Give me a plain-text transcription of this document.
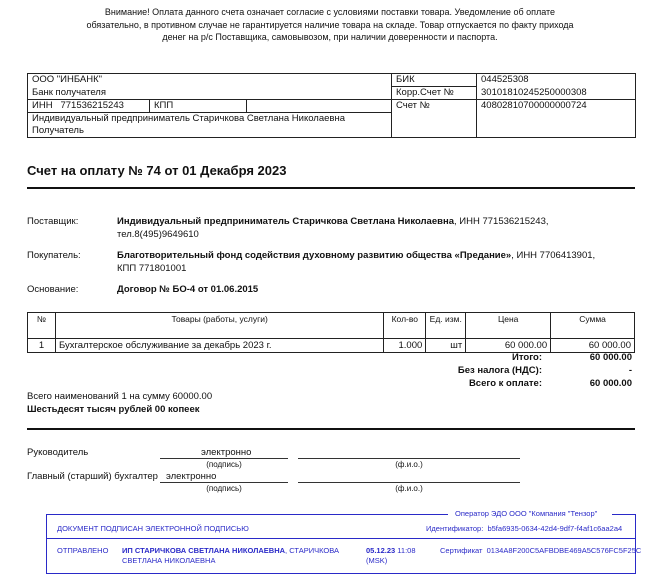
Внимание! Оплата данного счета означает согласие с условиями поставки товара. Уведомление об оплате
обязательно, в противном случае не гарантируется наличие товара на складе. Товар отпускается по факту прихода
денег на р/с Поставщика, самовывозом, при наличии доверенности и паспорта.
ООО "ИНБАНК"			БИК	044525308
Банк получателя			Корр.Счет №	30101810245250000308
ИНН 771536215243	КПП		Счет №	40802810700000000724
Индивидуальный предприниматель Старичкова Светлана Николаевна				
Получатель				
Счет на оплату № 74 от 01 Декабря 2023
Поставщик:	Индивидуальный предприниматель Старичкова Светлана Николаевна, ИНН 771536215243,
тел.8(495)9649610
Покупатель:	Благотворительный фонд содействия духовному развитию общества «Предание», ИНН 7706413901,
КПП 771801001
Основание:	Договор № БО-4 от 01.06.2015
№	Товары (работы, услуги)	Кол-во	Ед. изм.	Цена	Сумма
1	Бухгалтерское обслуживание за декабрь 2023 г.	1.000	шт	60 000.00	60 000.00
Итого:	60 000.00
Без налога (НДС):	-
Всего к оплате:	60 000.00
Всего наименований 1 на сумму 60000.00
Шестьдесят тысяч рублей 00 копеек
Руководитель	электронно
(подпись)	(ф.и.о.)
Главный (старший) бухгалтер электронно
(подпись)	(ф.и.о.)
Оператор ЭДО ООО "Компания "Тензор"
ДОКУМЕНТ ПОДПИСАН ЭЛЕКТРОННОЙ ПОДПИСЬЮ	Идентификатор: b5fa6935-0634-42d4-9df7-f4af1c6aa2a4
ОТПРАВЛЕНО ИП СТАРИЧКОВА СВЕТЛАНА НИКОЛАЕВНА, СТАРИЧКОВА
СВЕТЛАНА НИКОЛАЕВНА
05.12.23 11:08
(MSK)
Сертификат 0134A8F200C5AFBDBE469A5C576FC5F25C
